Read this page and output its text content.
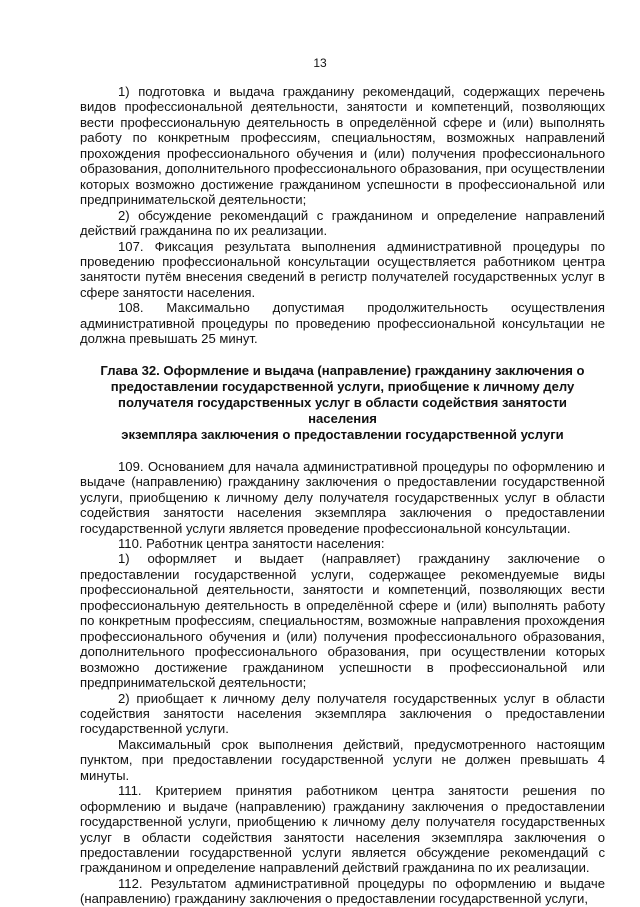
13

1) подготовка и выдача гражданину рекомендаций, содержащих перечень видов профессиональной деятельности, занятости и компетенций, позволяющих вести профессиональную деятельность в определённой сфере и (или) выполнять работу по конкретным профессиям, специальностям, возможных направлений прохождения профессионального обучения и (или) получения профессионального образования, дополнительного профессионального образования, при осуществлении которых возможно достижение гражданином успешности в профессиональной или предпринимательской деятельности;

2) обсуждение рекомендаций с гражданином и определение направлений действий гражданина по их реализации.

107. Фиксация результата выполнения административной процедуры по проведению профессиональной консультации осуществляется работником центра занятости путём внесения сведений в регистр получателей государственных услуг в сфере занятости населения.

108. Максимально допустимая продолжительность осуществления административной процедуры по проведению профессиональной консультации не должна превышать 25 минут.

Глава 32. Оформление и выдача (направление) гражданину заключения о
предоставлении государственной услуги, приобщение к личному делу
получателя государственных услуг в области содействия занятости населения
экземпляра заключения о предоставлении государственной услуги

109. Основанием для начала административной процедуры по оформлению и выдаче (направлению) гражданину заключения о предоставлении государственной услуги, приобщению к личному делу получателя государственных услуг в области содействия занятости населения экземпляра заключения о предоставлении государственной услуги является проведение профессиональной консультации.

110. Работник центра занятости населения:

1) оформляет и выдает (направляет) гражданину заключение о предоставлении государственной услуги, содержащее рекомендуемые виды профессиональной деятельности, занятости и компетенций, позволяющих вести профессиональную деятельность в определённой сфере и (или) выполнять работу по конкретным профессиям, специальностям, возможные направления прохождения профессионального обучения и (или) получения профессионального образования, дополнительного профессионального образования, при осуществлении которых возможно достижение гражданином успешности в профессиональной или предпринимательской деятельности;

2) приобщает к личному делу получателя государственных услуг в области содействия занятости населения экземпляра заключения о предоставлении государственной услуги.

Максимальный срок выполнения действий, предусмотренного настоящим пунктом, при предоставлении государственной услуги не должен превышать 4 минуты.

111. Критерием принятия работником центра занятости решения по оформлению и выдаче (направлению) гражданину заключения о предоставлении государственной услуги, приобщению к личному делу получателя государственных услуг в области содействия занятости населения экземпляра заключения о предоставлении государственной услуги является обсуждение рекомендаций с гражданином и определение направлений действий гражданина по их реализации.

112. Результатом административной процедуры по оформлению и выдаче (направлению) гражданину заключения о предоставлении государственной услуги,
